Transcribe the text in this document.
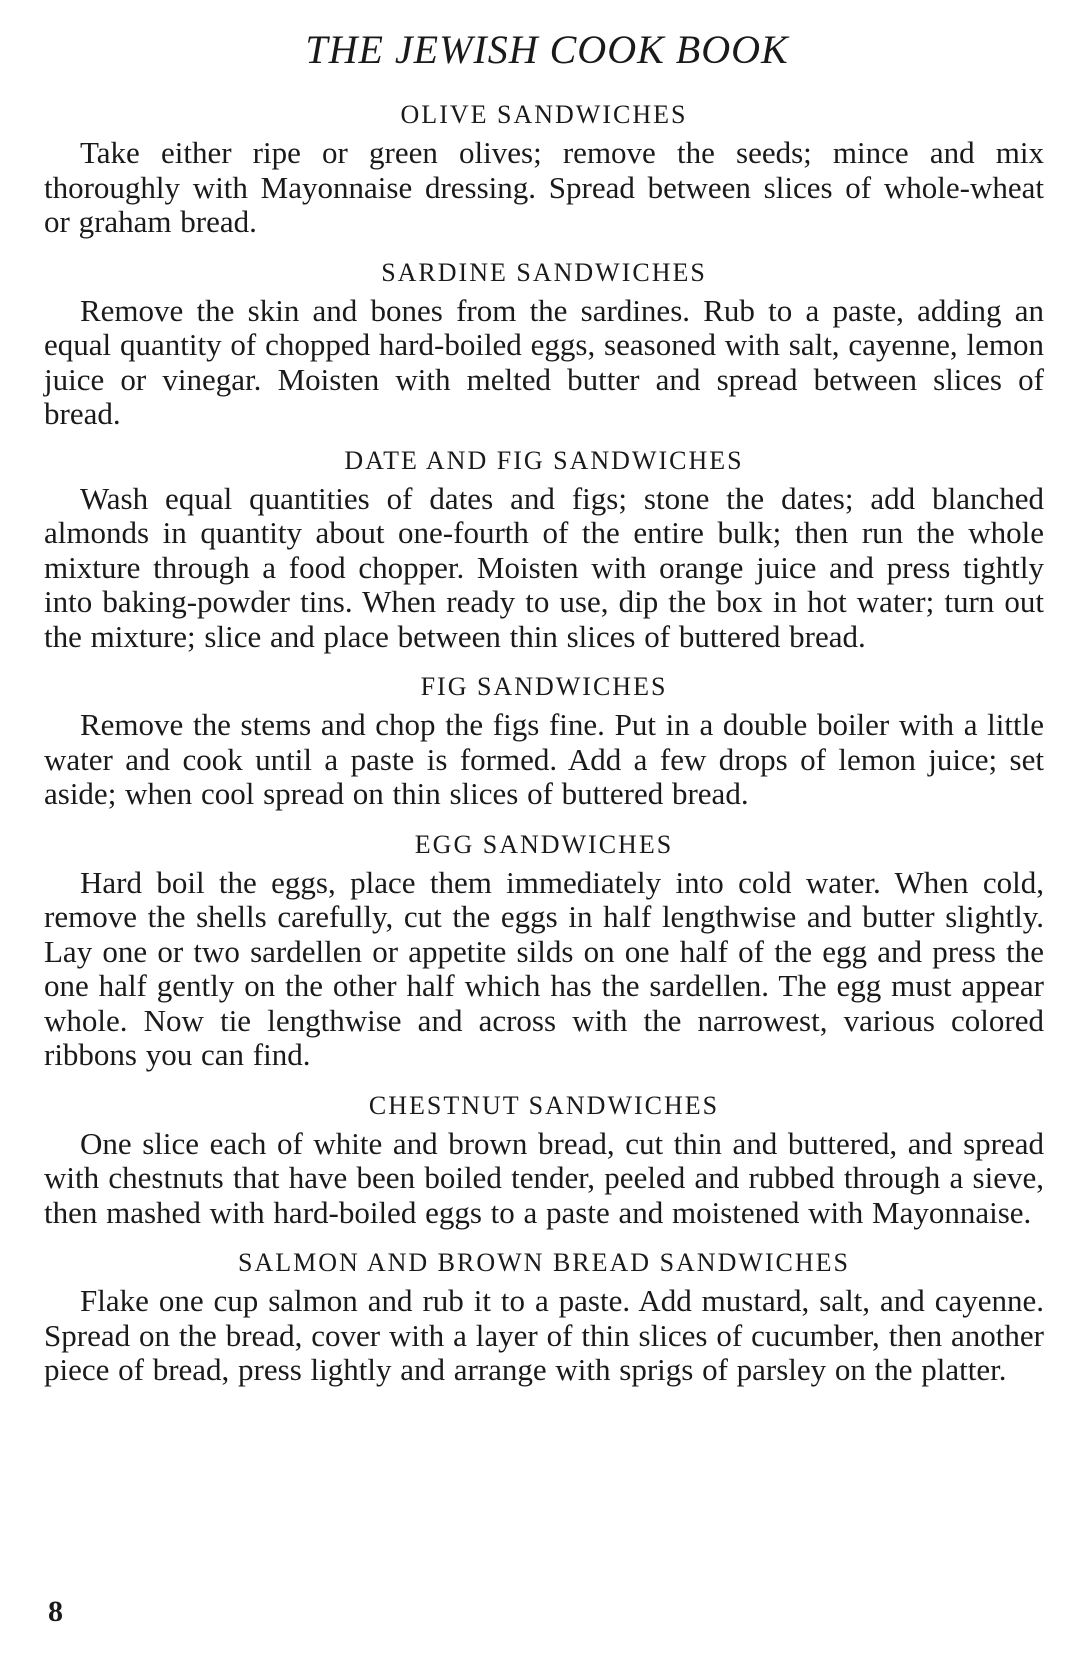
THE JEWISH COOK BOOK
OLIVE SANDWICHES

Take either ripe or green olives; remove the seeds; mince and mix thoroughly with Mayonnaise dressing. Spread between slices of whole-wheat or graham bread.

SARDINE SANDWICHES

Remove the skin and bones from the sardines. Rub to a paste, adding an equal quantity of chopped hard-boiled eggs, seasoned with salt, cayenne, lemon juice or vinegar. Moisten with melted butter and spread between slices of bread.

DATE AND FIG SANDWICHES

Wash equal quantities of dates and figs; stone the dates; add blanched almonds in quantity about one-fourth of the entire bulk; then run the whole mixture through a food chopper. Moisten with orange juice and press tightly into baking-powder tins. When ready to use, dip the box in hot water; turn out the mixture; slice and place between thin slices of buttered bread.

FIG SANDWICHES

Remove the stems and chop the figs fine. Put in a double boiler with a little water and cook until a paste is formed. Add a few drops of lemon juice; set aside; when cool spread on thin slices of buttered bread.

EGG SANDWICHES

Hard boil the eggs, place them immediately into cold water. When cold, remove the shells carefully, cut the eggs in half lengthwise and butter slightly. Lay one or two sardellen or appetite silds on one half of the egg and press the one half gently on the other half which has the sardellen. The egg must appear whole. Now tie lengthwise and across with the narrowest, various colored ribbons you can find.

CHESTNUT SANDWICHES

One slice each of white and brown bread, cut thin and buttered, and spread with chestnuts that have been boiled tender, peeled and rubbed through a sieve, then mashed with hard-boiled eggs to a paste and moistened with Mayonnaise.

SALMON AND BROWN BREAD SANDWICHES

Flake one cup salmon and rub it to a paste. Add mustard, salt, and cayenne. Spread on the bread, cover with a layer of thin slices of cucumber, then another piece of bread, press lightly and arrange with sprigs of parsley on the platter.

8
